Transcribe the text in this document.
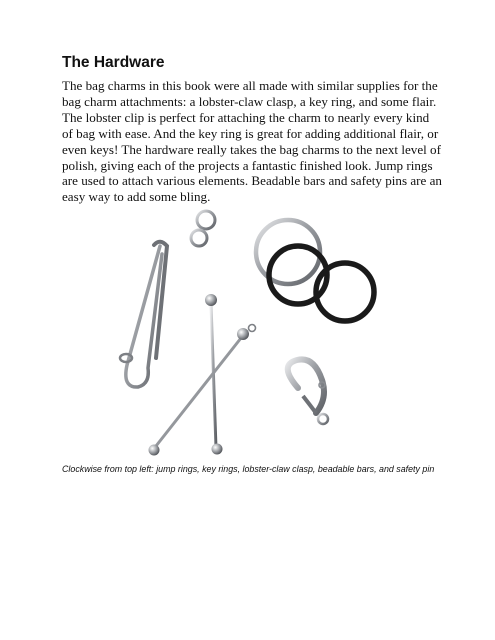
The Hardware

The bag charms in this book were all made with similar supplies for the bag charm attachments: a lobster-claw clasp, a key ring, and some flair. The lobster clip is perfect for attaching the charm to nearly every kind of bag with ease. And the key ring is great for adding additional flair, or even keys! The hardware really takes the bag charms to the next level of polish, giving each of the projects a fantastic finished look. Jump rings are used to attach various elements. Beadable bars and safety pins are an easy way to add some bling.

Clockwise from top left: jump rings, key rings, lobster-claw clasp, beadable bars, and safety pin
